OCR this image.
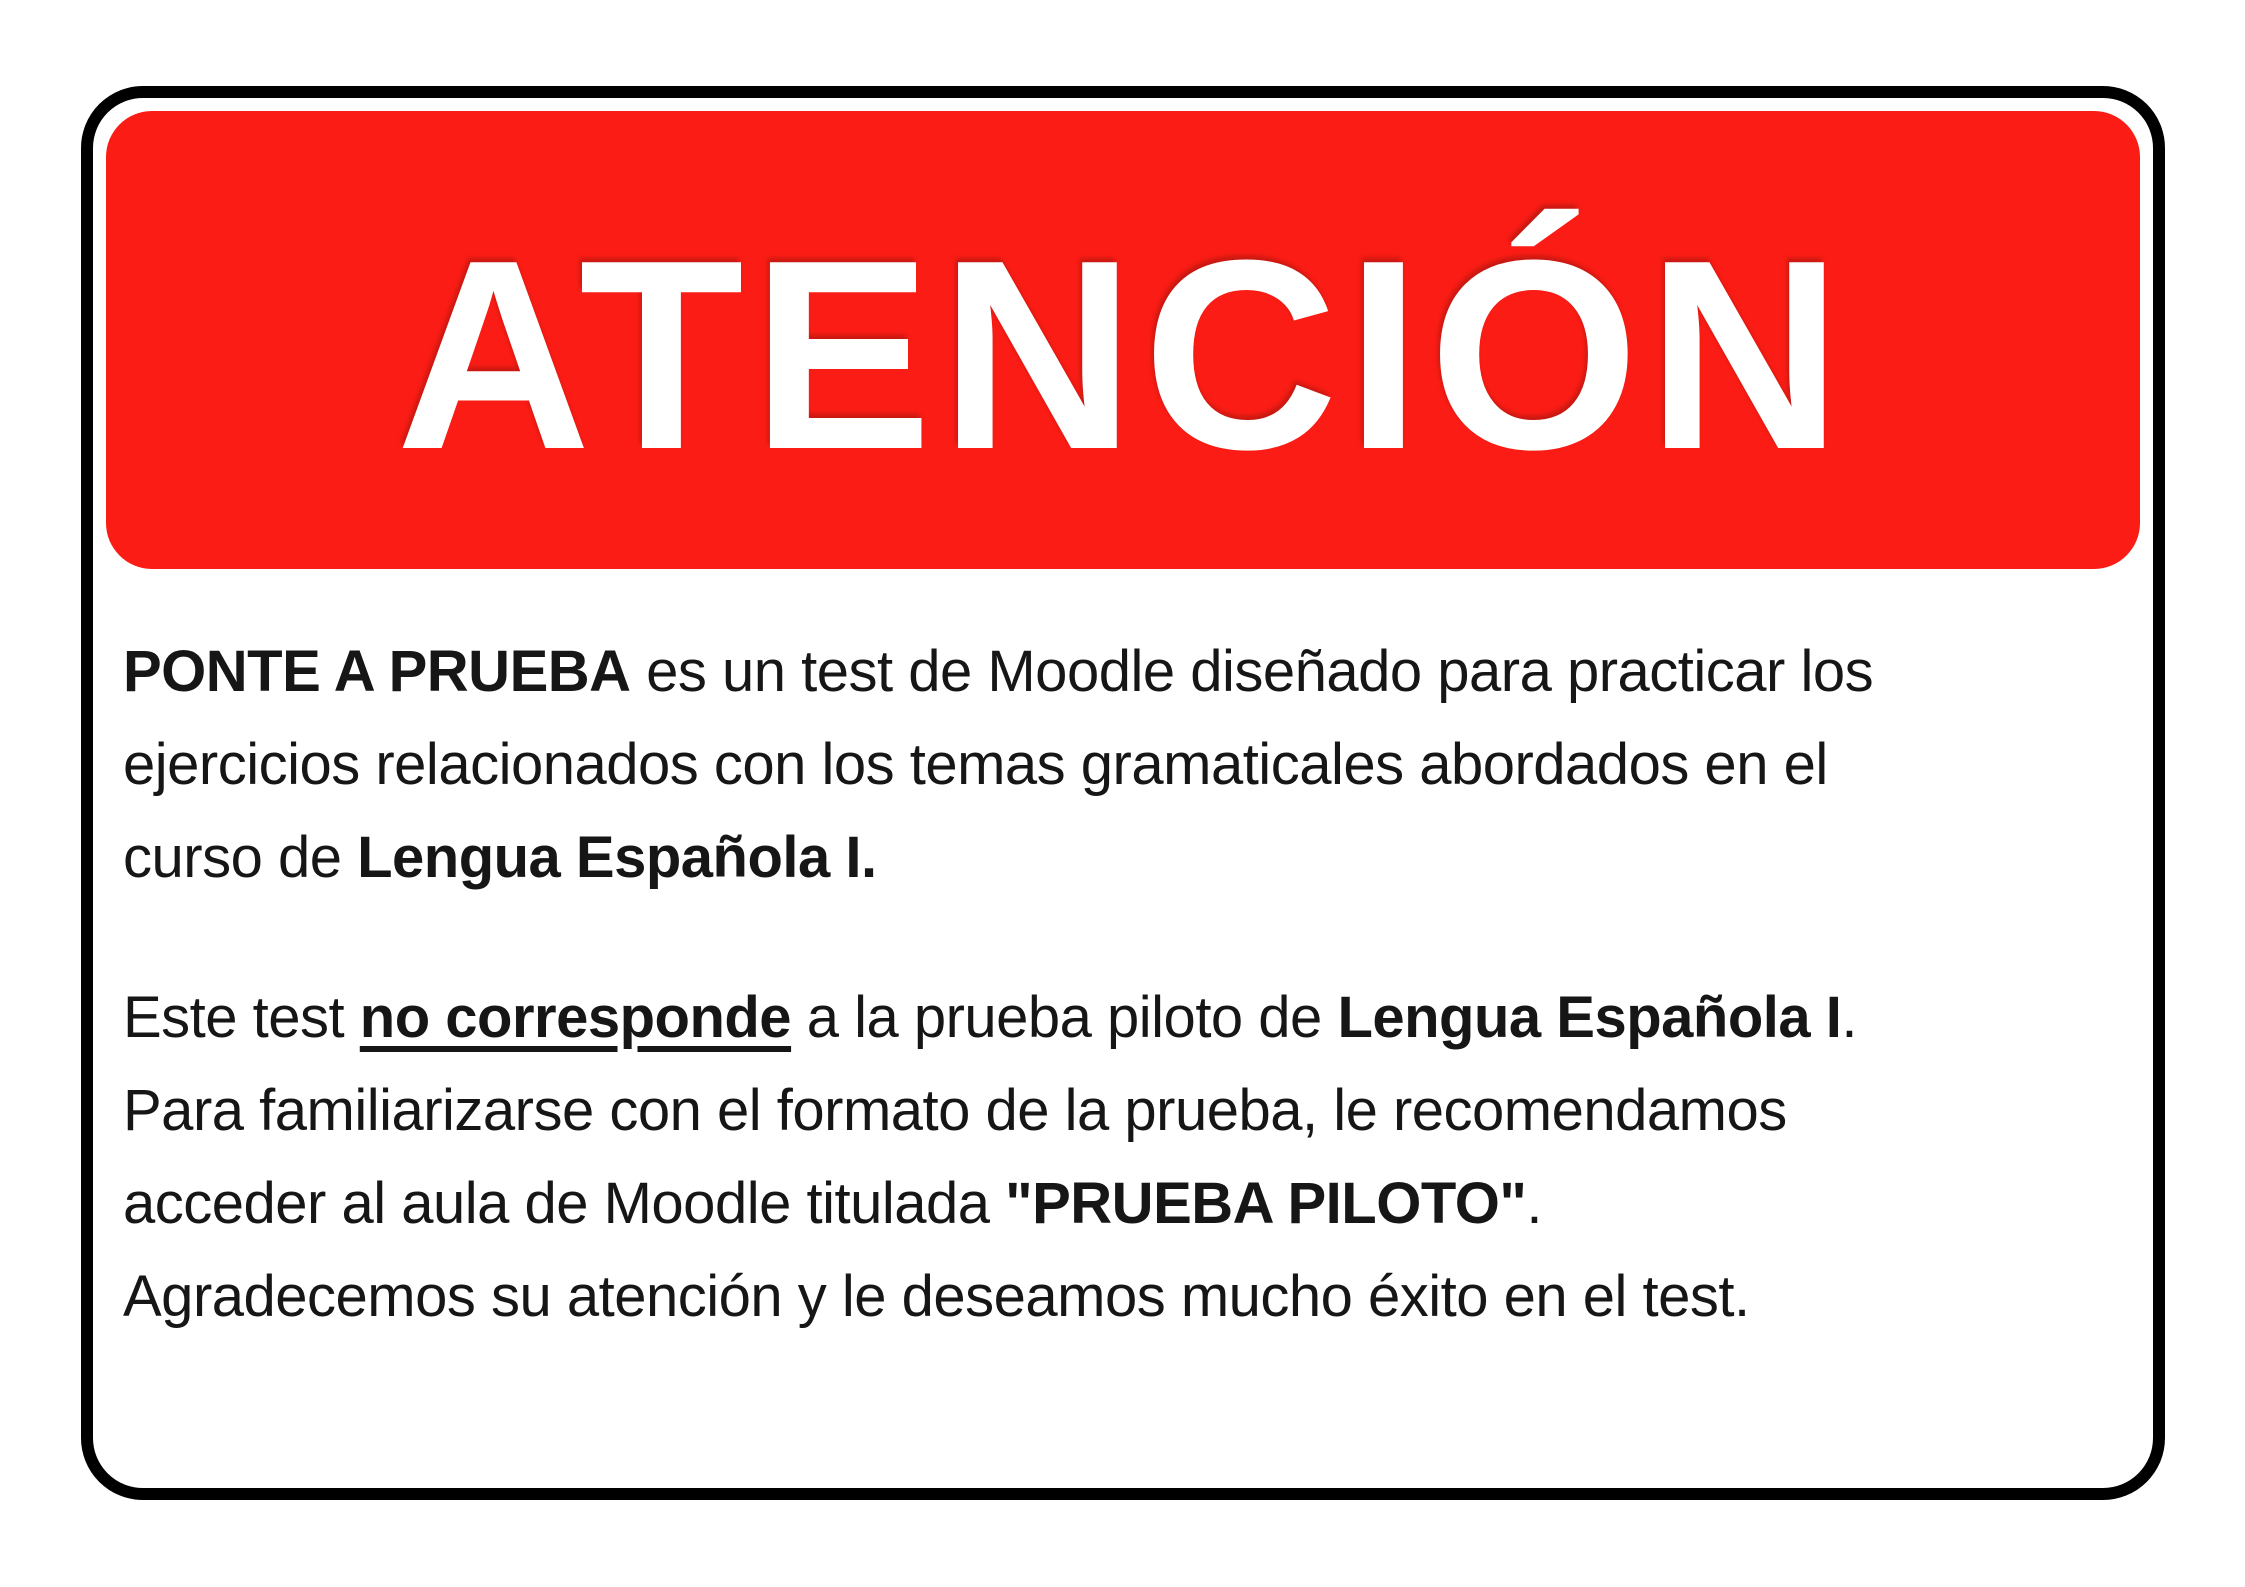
ATENCIÓN

PONTE A PRUEBA es un test de Moodle diseñado para practicar los
ejercicios relacionados con los temas gramaticales abordados en el
curso de Lengua Española I.

Este test no corresponde a la prueba piloto de Lengua Española I.
Para familiarizarse con el formato de la prueba, le recomendamos
acceder al aula de Moodle titulada "PRUEBA PILOTO".
Agradecemos su atención y le deseamos mucho éxito en el test.
